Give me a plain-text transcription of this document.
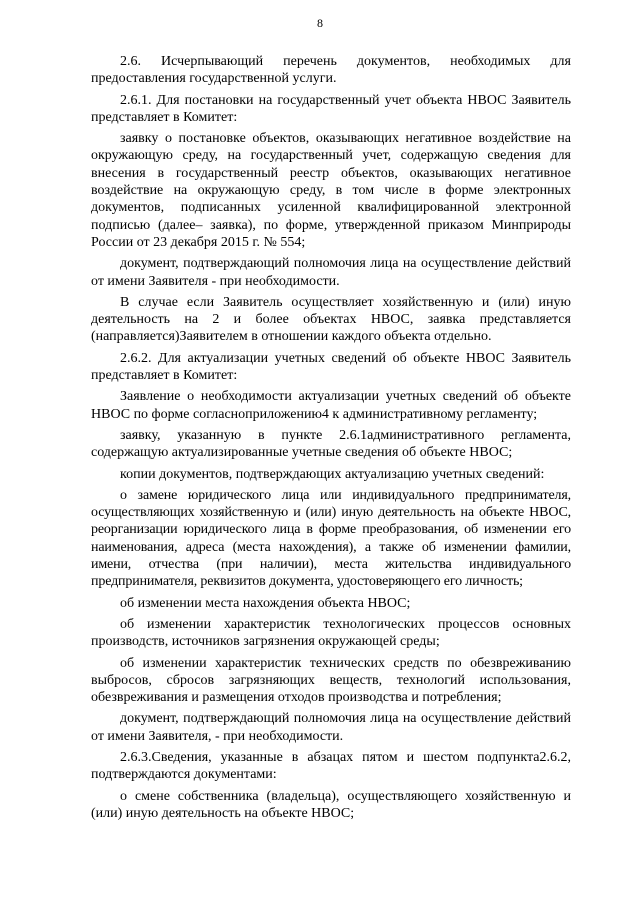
8

2.6. Исчерпывающий перечень документов, необходимых для предоставления государственной услуги.

2.6.1. Для постановки на государственный учет объекта НВОС Заявитель представляет в Комитет:

заявку о постановке объектов, оказывающих негативное воздействие на окружающую среду, на государственный учет, содержащую сведения для внесения в государственный реестр объектов, оказывающих негативное воздействие на окружающую среду, в том числе в форме электронных документов, подписанных усиленной квалифицированной электронной подписью (далее– заявка), по форме, утвержденной приказом Минприроды России от 23 декабря 2015 г. № 554;

документ, подтверждающий полномочия лица на осуществление действий от имени Заявителя - при необходимости.

В случае если Заявитель осуществляет хозяйственную и (или) иную деятельность на 2 и более объектах НВОС, заявка представляется (направляется)Заявителем в отношении каждого объекта отдельно.

2.6.2. Для актуализации учетных сведений об объекте НВОС Заявитель представляет в Комитет:

Заявление о необходимости актуализации учетных сведений об объекте НВОС по форме согласноприложению4 к административному регламенту;

заявку, указанную в пункте 2.6.1административного регламента, содержащую актуализированные учетные сведения об объекте НВОС;

копии документов, подтверждающих актуализацию учетных сведений:

о замене юридического лица или индивидуального предпринимателя, осуществляющих хозяйственную и (или) иную деятельность на объекте НВОС, реорганизации юридического лица в форме преобразования, об изменении его наименования, адреса (места нахождения), а также об изменении фамилии, имени, отчества (при наличии), места жительства индивидуального предпринимателя, реквизитов документа, удостоверяющего его личность;

об изменении места нахождения объекта НВОС;

об изменении характеристик технологических процессов основных производств, источников загрязнения окружающей среды;

об изменении характеристик технических средств по обезвреживанию выбросов, сбросов загрязняющих веществ, технологий использования, обезвреживания и размещения отходов производства и потребления;

документ, подтверждающий полномочия лица на осуществление действий от имени Заявителя, - при необходимости.

2.6.3.Сведения, указанные в абзацах пятом и шестом подпункта2.6.2, подтверждаются документами:

о смене собственника (владельца), осуществляющего хозяйственную и (или) иную деятельность на объекте НВОС;
